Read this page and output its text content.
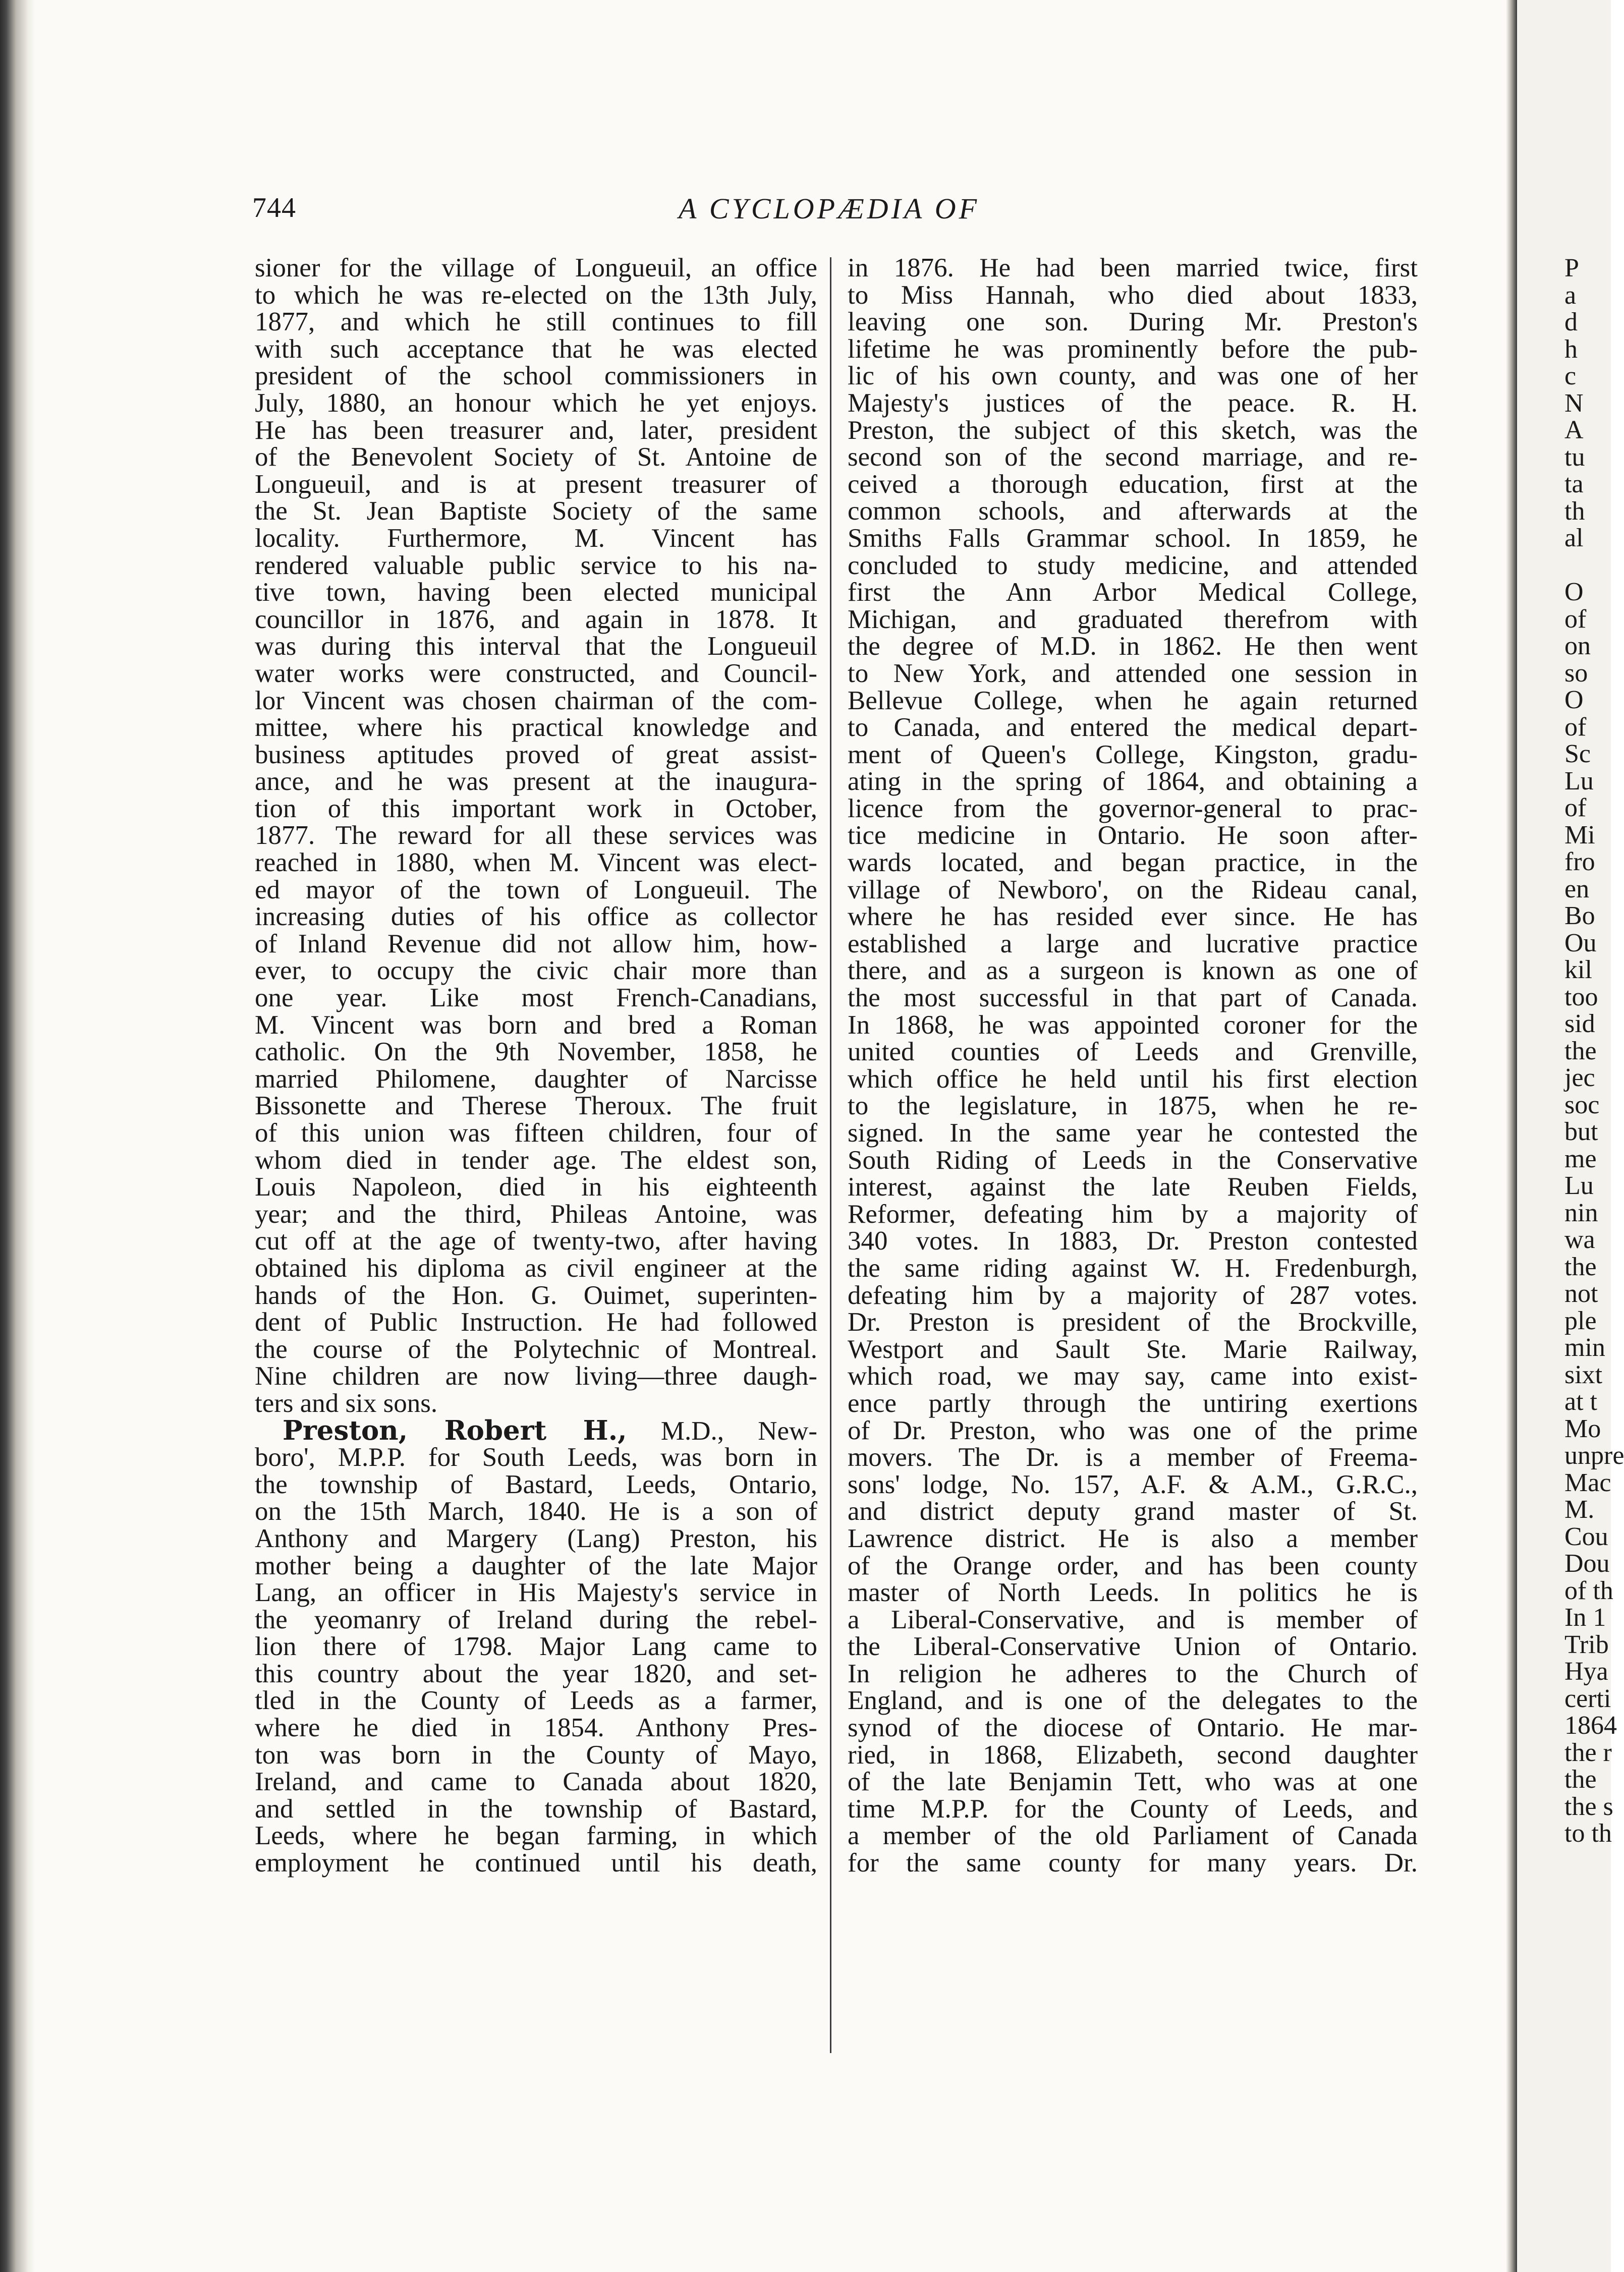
744	A CYCLOPÆDIA OF
sioner for the village of Longueuil, an office
to which he was re-elected on the 13th July,
1877, and which he still continues to fill
with such acceptance that he was elected
president of the school commissioners in
July, 1880, an honour which he yet enjoys.
He has been treasurer and, later, president
of the Benevolent Society of St. Antoine de
Longueuil, and is at present treasurer of
the St. Jean Baptiste Society of the same
locality. Furthermore, M. Vincent has
rendered valuable public service to his na-
tive town, having been elected municipal
councillor in 1876, and again in 1878. It
was during this interval that the Longueuil
water works were constructed, and Council-
lor Vincent was chosen chairman of the com-
mittee, where his practical knowledge and
business aptitudes proved of great assist-
ance, and he was present at the inaugura-
tion of this important work in October,
1877. The reward for all these services was
reached in 1880, when M. Vincent was elect-
ed mayor of the town of Longueuil. The
increasing duties of his office as collector
of Inland Revenue did not allow him, how-
ever, to occupy the civic chair more than
one year. Like most French-Canadians,
M. Vincent was born and bred a Roman
catholic. On the 9th November, 1858, he
married Philomene, daughter of Narcisse
Bissonette and Therese Theroux. The fruit
of this union was fifteen children, four of
whom died in tender age. The eldest son,
Louis Napoleon, died in his eighteenth
year; and the third, Phileas Antoine, was
cut off at the age of twenty-two, after having
obtained his diploma as civil engineer at the
hands of the Hon. G. Ouimet, superinten-
dent of Public Instruction. He had followed
the course of the Polytechnic of Montreal.
Nine children are now living—three daugh-
ters and six sons.
Preston, Robert H., M.D., New-
boro', M.P.P. for South Leeds, was born in
the township of Bastard, Leeds, Ontario,
on the 15th March, 1840. He is a son of
Anthony and Margery (Lang) Preston, his
mother being a daughter of the late Major
Lang, an officer in His Majesty's service in
the yeomanry of Ireland during the rebel-
lion there of 1798. Major Lang came to
this country about the year 1820, and set-
tled in the County of Leeds as a farmer,
where he died in 1854. Anthony Pres-
ton was born in the County of Mayo,
Ireland, and came to Canada about 1820,
and settled in the township of Bastard,
Leeds, where he began farming, in which
employment he continued until his death,
in 1876. He had been married twice, first
to Miss Hannah, who died about 1833,
leaving one son. During Mr. Preston's
lifetime he was prominently before the pub-
lic of his own county, and was one of her
Majesty's justices of the peace. R. H.
Preston, the subject of this sketch, was the
second son of the second marriage, and re-
ceived a thorough education, first at the
common schools, and afterwards at the
Smiths Falls Grammar school. In 1859, he
concluded to study medicine, and attended
first the Ann Arbor Medical College,
Michigan, and graduated therefrom with
the degree of M.D. in 1862. He then went
to New York, and attended one session in
Bellevue College, when he again returned
to Canada, and entered the medical depart-
ment of Queen's College, Kingston, gradu-
ating in the spring of 1864, and obtaining a
licence from the governor-general to prac-
tice medicine in Ontario. He soon after-
wards located, and began practice, in the
village of Newboro', on the Rideau canal,
where he has resided ever since. He has
established a large and lucrative practice
there, and as a surgeon is known as one of
the most successful in that part of Canada.
In 1868, he was appointed coroner for the
united counties of Leeds and Grenville,
which office he held until his first election
to the legislature, in 1875, when he re-
signed. In the same year he contested the
South Riding of Leeds in the Conservative
interest, against the late Reuben Fields,
Reformer, defeating him by a majority of
340 votes. In 1883, Dr. Preston contested
the same riding against W. H. Fredenburgh,
defeating him by a majority of 287 votes.
Dr. Preston is president of the Brockville,
Westport and Sault Ste. Marie Railway,
which road, we may say, came into exist-
ence partly through the untiring exertions
of Dr. Preston, who was one of the prime
movers. The Dr. is a member of Freema-
sons' lodge, No. 157, A.F. & A.M., G.R.C.,
and district deputy grand master of St.
Lawrence district. He is also a member
of the Orange order, and has been county
master of North Leeds. In politics he is
a Liberal-Conservative, and is member of
the Liberal-Conservative Union of Ontario.
In religion he adheres to the Church of
England, and is one of the delegates to the
synod of the diocese of Ontario. He mar-
ried, in 1868, Elizabeth, second daughter
of the late Benjamin Tett, who was at one
time M.P.P. for the County of Leeds, and
a member of the old Parliament of Canada
for the same county for many years. Dr.
P
a
d
h
c
N
A
tu
ta
th
al
O
of
on
so
O
of
Sc
Lu
of
Mi
fro
en
Bo
Ou
kil
too
sid
the
jec
soc
but
me
Lu
nin
wa
the
not
ple
min
sixt
at t
Mo
unpre
Mac
M.
Cou
Dou
of th
In 1
Trib
Hya
certi
1864
the r
the
the s
to th
